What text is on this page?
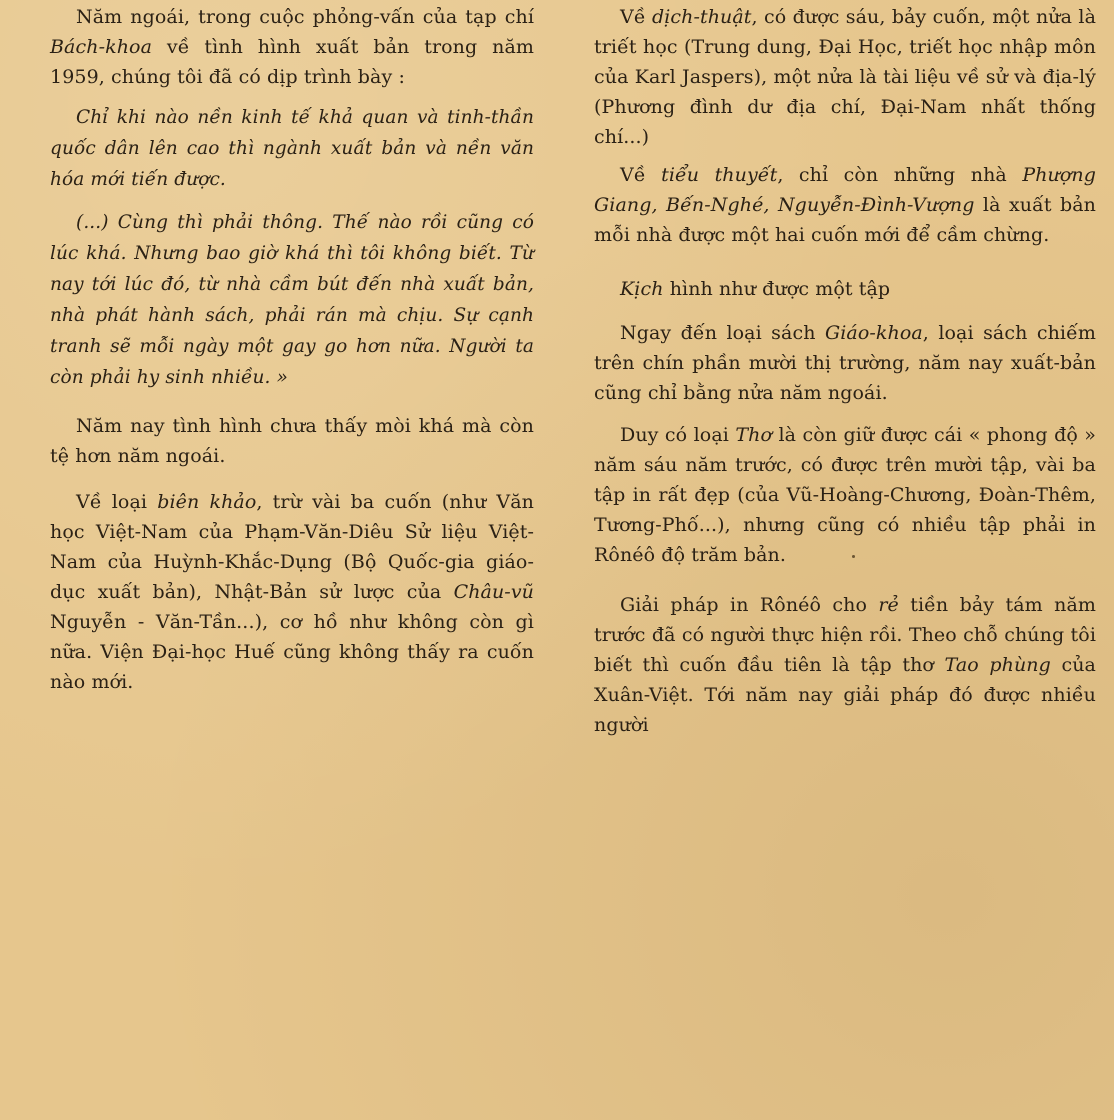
Năm ngoái, trong cuộc phỏng-vấn của tạp chí Bách-khoa về tình hình xuất bản trong năm 1959, chúng tôi đã có dịp trình bày :

Chỉ khi nào nền kinh tế khả quan và tinh-thần quốc dân lên cao thì ngành xuất bản và nền văn hóa mới tiến được.

(...) Cùng thì phải thông. Thế nào rồi cũng có lúc khá. Nhưng bao giờ khá thì tôi không biết. Từ nay tới lúc đó, từ nhà cầm bút đến nhà xuất bản, nhà phát hành sách, phải rán mà chịu. Sự cạnh tranh sẽ mỗi ngày một gay go hơn nữa. Người ta còn phải hy sinh nhiều. »

Năm nay tình hình chưa thấy mòi khá mà còn tệ hơn năm ngoái.

Về loại biên khảo, trừ vài ba cuốn (như Văn học Việt-Nam của Phạm-Văn-Diêu Sử liệu Việt-Nam của Huỳnh-Khắc-Dụng (Bộ Quốc-gia giáo-dục xuất bản), Nhật-Bản sử lược của Châu-vũ Nguyễn - Văn-Tần...), cơ hồ như không còn gì nữa. Viện Đại-học Huế cũng không thấy ra cuốn nào mới.

Về dịch-thuật, có được sáu, bảy cuốn, một nửa là triết học (Trung dung, Đại Học, triết học nhập môn của Karl Jaspers), một nửa là tài liệu về sử và địa-lý (Phương đình dư địa chí, Đại-Nam nhất thống chí...)

Về tiểu thuyết, chỉ còn những nhà Phượng Giang, Bến-Nghé, Nguyễn-Đình-Vượng là xuất bản mỗi nhà được một hai cuốn mới để cầm chừng.

Kịch hình như được một tập

Ngay đến loại sách Giáo-khoa, loại sách chiếm trên chín phần mười thị trường, năm nay xuất-bản cũng chỉ bằng nửa năm ngoái.

Duy có loại Thơ là còn giữ được cái « phong độ » năm sáu năm trước, có được trên mười tập, vài ba tập in rất đẹp (của Vũ-Hoàng-Chương, Đoàn-Thêm, Tương-Phố...), nhưng cũng có nhiều tập phải in Rônéô độ trăm bản.

Giải pháp in Rônéô cho rẻ tiền bảy tám năm trước đã có người thực hiện rồi. Theo chỗ chúng tôi biết thì cuốn đầu tiên là tập thơ Tao phùng của Xuân-Việt. Tới năm nay giải pháp đó được nhiều người
